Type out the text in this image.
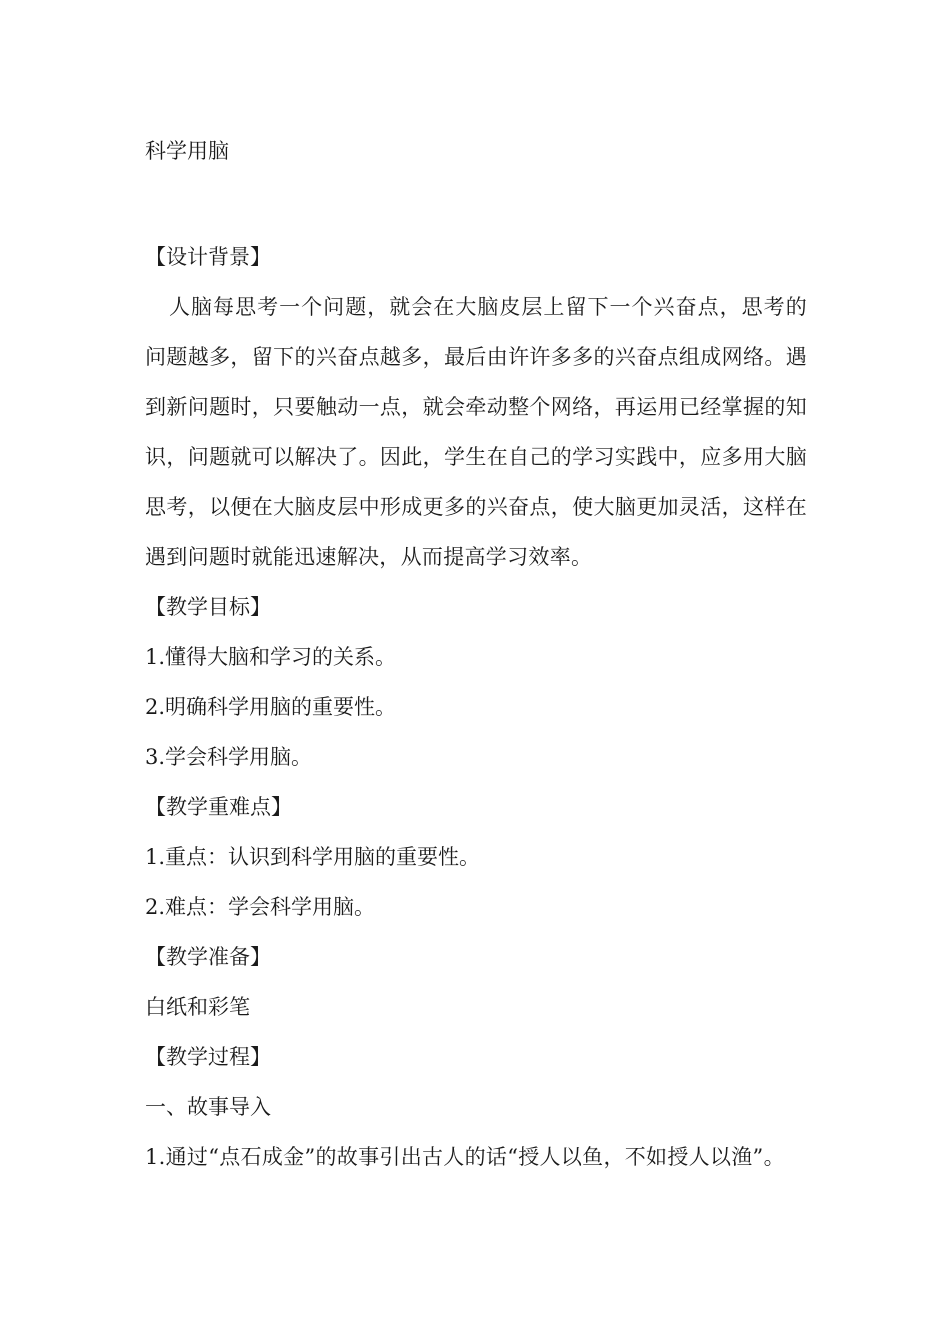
科学用脑

【设计背景】

人脑每思考一个问题，就会在大脑皮层上留下一个兴奋点，思考的问题越多，留下的兴奋点越多，最后由许许多多的兴奋点组成网络。遇到新问题时，只要触动一点，就会牵动整个网络，再运用已经掌握的知识，问题就可以解决了。因此，学生在自己的学习实践中，应多用大脑思考，以便在大脑皮层中形成更多的兴奋点，使大脑更加灵活，这样在遇到问题时就能迅速解决，从而提高学习效率。

【教学目标】

1.懂得大脑和学习的关系。

2.明确科学用脑的重要性。

3.学会科学用脑。

【教学重难点】

1.重点：认识到科学用脑的重要性。

2.难点：学会科学用脑。

【教学准备】

白纸和彩笔

【教学过程】

一、故事导入

1.通过“点石成金”的故事引出古人的话“授人以鱼，不如授人以渔”。
